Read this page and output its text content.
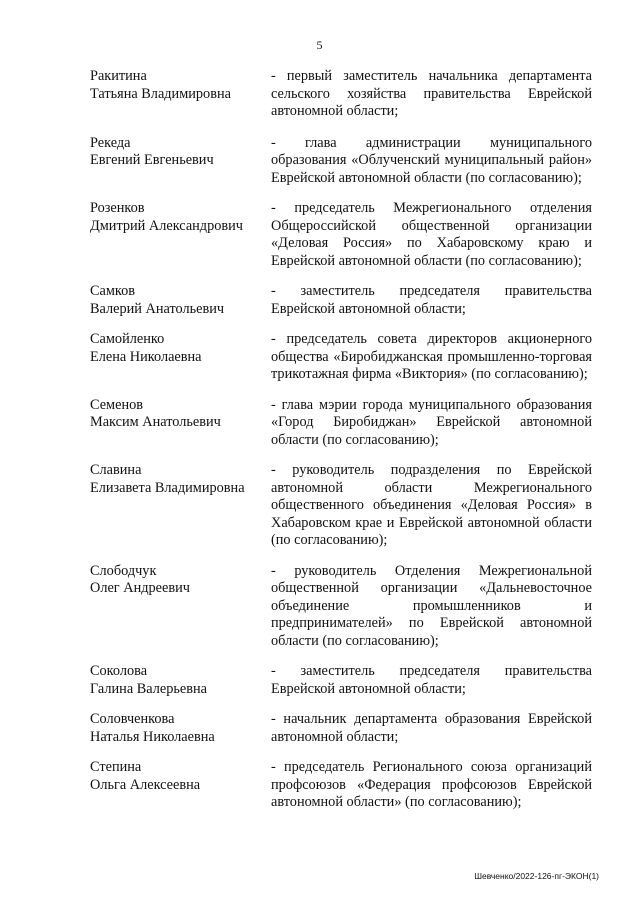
5
Ракитина
Татьяна Владимировна
- первый заместитель начальника департамента сельского хозяйства правительства Еврейской автономной области;
Рекеда
Евгений Евгеньевич
- глава администрации муниципального образования «Облученский муниципальный район» Еврейской автономной области (по согласованию);
Розенков
Дмитрий Александрович
- председатель Межрегионального отделения Общероссийской общественной организации «Деловая Россия» по Хабаровскому краю и Еврейской автономной области (по согласованию);
Самков
Валерий Анатольевич
- заместитель председателя правительства Еврейской автономной области;
Самойленко
Елена Николаевна
- председатель совета директоров акционерного общества «Биробиджанская промышленно-торговая трикотажная фирма «Виктория» (по согласованию);
Семенов
Максим Анатольевич
- глава мэрии города муниципального образования «Город Биробиджан» Еврейской автономной области (по согласованию);
Славина
Елизавета Владимировна
- руководитель подразделения по Еврейской автономной области Межрегионального общественного объединения «Деловая Россия» в Хабаровском крае и Еврейской автономной области (по согласованию);
Слободчук
Олег Андреевич
- руководитель Отделения Межрегиональной общественной организации «Дальневосточное объединение промышленников и предпринимателей» по Еврейской автономной области (по согласованию);
Соколова
Галина Валерьевна
- заместитель председателя правительства Еврейской автономной области;
Соловченкова
Наталья Николаевна
- начальник департамента образования Еврейской автономной области;
Степина
Ольга Алексеевна
- председатель Регионального союза организаций профсоюзов «Федерация профсоюзов Еврейской автономной области» (по согласованию);
Шевченко/2022-126-пг-ЭКОН(1)
